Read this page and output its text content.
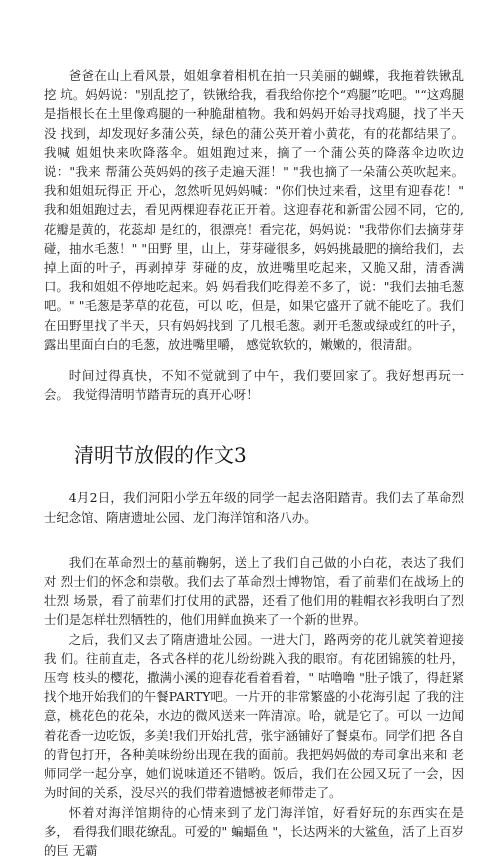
爸爸在山上看风景，姐姐拿着相机在拍一只美丽的蝴蝶，我拖着铁锹乱挖 坑。妈妈说："别乱挖了，铁锹给我，看我给你挖个“鸡腿”吃吧。"“这鸡腿 是指根长在土里像鸡腿的一种脆甜植物。我和妈妈开始寻找鸡腿，找了半天没 找到，却发现好多蒲公英，绿色的蒲公英开着小黄花，有的花都结果了。我喊 姐姐快来吹降落伞。姐姐跑过来，摘了一个蒲公英的降落伞边吹边说："我来 帮蒲公英妈妈的孩子走遍天涯！" "我也摘了一朵蒲公英吹起来。我和姐姐玩得正 开心，忽然听见妈妈喊："你们快过来看，这里有迎春花！" 我和姐姐跑过去，看见两棵迎春花正开着。这迎春花和新雷公园不同，它的,花瓣是黄的，花蕊却 是红的，很漂亮！看完花，妈妈说："我带你们去摘芽芽碰，抽水毛葱！" "田野 里，山上，芽芽碰很多，妈妈挑最肥的摘给我们，去掉上面的叶子，再剥掉芽 芽碰的皮，放进嘴里吃起来，又脆又甜，清香满口。我和姐姐不停地吃起来。妈 妈看我们吃得差不多了，说："我们去抽毛葱吧。" "毛葱是茅草的花苞，可以 吃，但是，如果它盛开了就不能吃了。我们在田野里找了半天，只有妈妈找到 了几根毛葱。剥开毛葱或绿或红的叶子，露出里面白白的毛葱，放进嘴里嚼， 感觉软软的，嫩嫩的，很清甜。

时间过得真快，不知不觉就到了中午，我们要回家了。我好想再玩一会。 我觉得清明节踏青玩的真开心呀！

清明节放假的作文3

4月2日，我们河阳小学五年级的同学一起去洛阳踏青。我们去了革命烈 士纪念馆、隋唐遗址公园、龙门海洋馆和洛八办。

我们在革命烈士的墓前鞠躬，送上了我们自己做的小白花，表达了我们对 烈士们的怀念和崇敬。我们去了革命烈士博物馆，看了前辈们在战场上的壮烈 场景，看了前辈们打仗用的武器，还看了他们用的鞋帽衣衫我明白了烈士们是怎样壮烈牺牲的，他们用鲜血换来了一个新的世界。

之后，我们又去了隋唐遗址公园。一进大门，路两旁的花儿就笑着迎接我 们。往前直走，各式各样的花儿纷纷跳入我的眼帘。有花团锦簇的牡丹，压弯 枝头的樱花，撒满小溪的迎春花看着看着，" 咕噜噜 "肚子饿了，得赶紧找个地开始我们的午餐PARTY吧。一片开的非常繁盛的小花海引起 了我的注意，桃花色的花朵，水边的微风送来一阵清凉。哈，就是它了。可以 一边闻着花香一边吃饭，多美!我们开始扎营，张宇涵铺好了餐桌布。同学们把 各自的背包打开，各种美味纷纷出现在我的面前。我把妈妈做的寿司拿出来和 老师同学一起分享，她们说味道还不错哟。饭后，我们在公园又玩了一会，因 为时间的关系，没尽兴的我们带着遗憾被老师带走了。

怀着对海洋馆期待的心情来到了龙门海洋馆，好看好玩的东西实在是多， 看得我们眼花缭乱。可爱的" 蝙蝠鱼 "，长达两米的大鲨鱼，活了上百岁的巨 无霸
